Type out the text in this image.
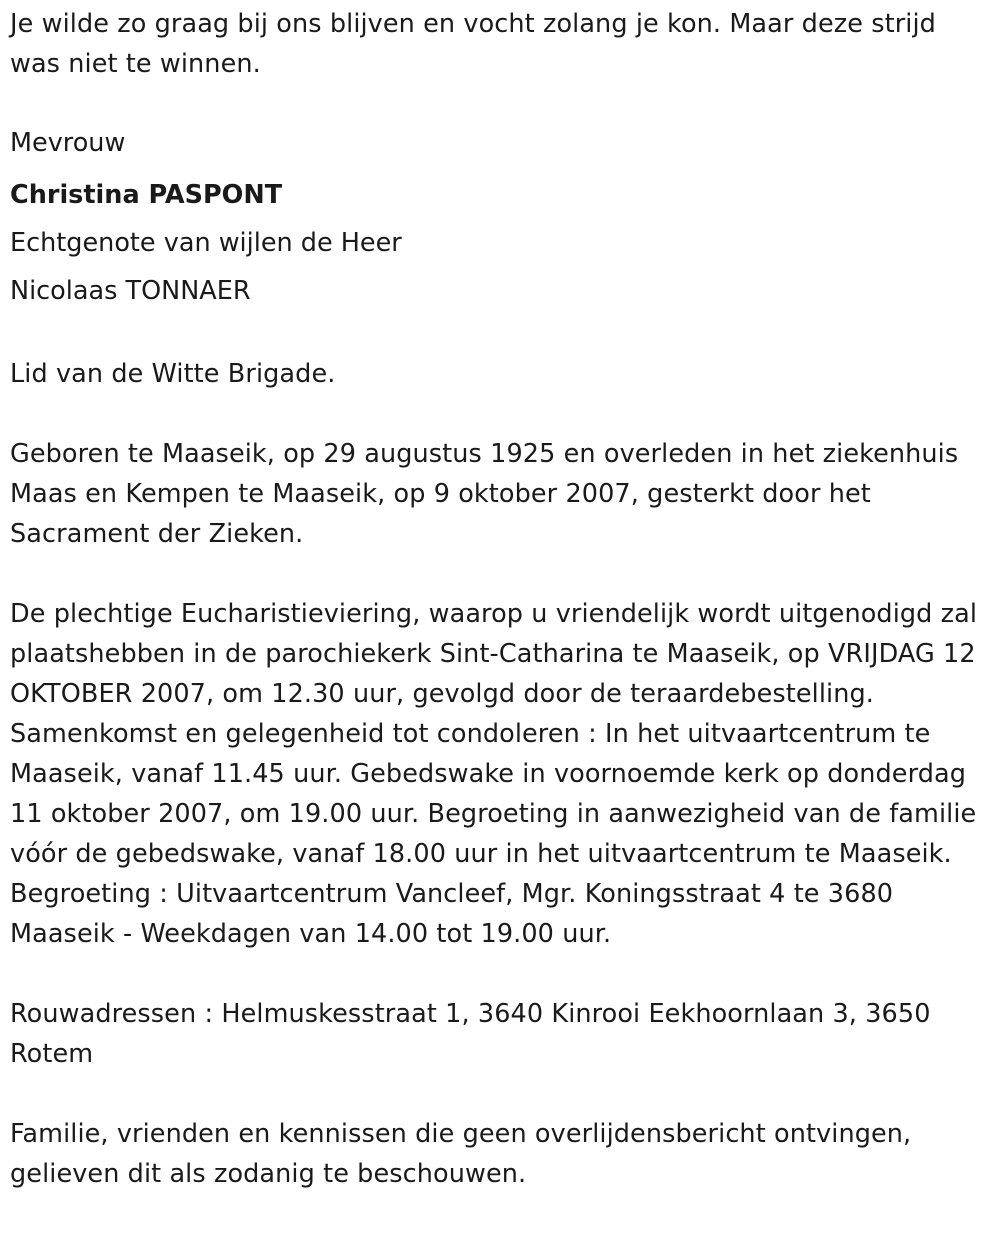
Je wilde zo graag bij ons blijven en vocht zolang je kon. Maar deze strijd was niet te winnen.

Mevrouw
Christina PASPONT
Echtgenote van wijlen de Heer
Nicolaas TONNAER

Lid van de Witte Brigade.

Geboren te Maaseik, op 29 augustus 1925 en overleden in het ziekenhuis Maas en Kempen te Maaseik, op 9 oktober 2007, gesterkt door het Sacrament der Zieken.

De plechtige Eucharistieviering, waarop u vriendelijk wordt uitgenodigd zal plaatshebben in de parochiekerk Sint-Catharina te Maaseik, op VRIJDAG 12 OKTOBER 2007, om 12.30 uur, gevolgd door de teraardebestelling. Samenkomst en gelegenheid tot condoleren : In het uitvaartcentrum te Maaseik, vanaf 11.45 uur. Gebedswake in voornoemde kerk op donderdag 11 oktober 2007, om 19.00 uur. Begroeting in aanwezigheid van de familie vóór de gebedswake, vanaf 18.00 uur in het uitvaartcentrum te Maaseik. Begroeting : Uitvaartcentrum Vancleef, Mgr. Koningsstraat 4 te 3680 Maaseik - Weekdagen van 14.00 tot 19.00 uur.

Rouwadressen : Helmuskesstraat 1, 3640 Kinrooi Eekhoornlaan 3, 3650 Rotem

Familie, vrienden en kennissen die geen overlijdensbericht ontvingen, gelieven dit als zodanig te beschouwen.
